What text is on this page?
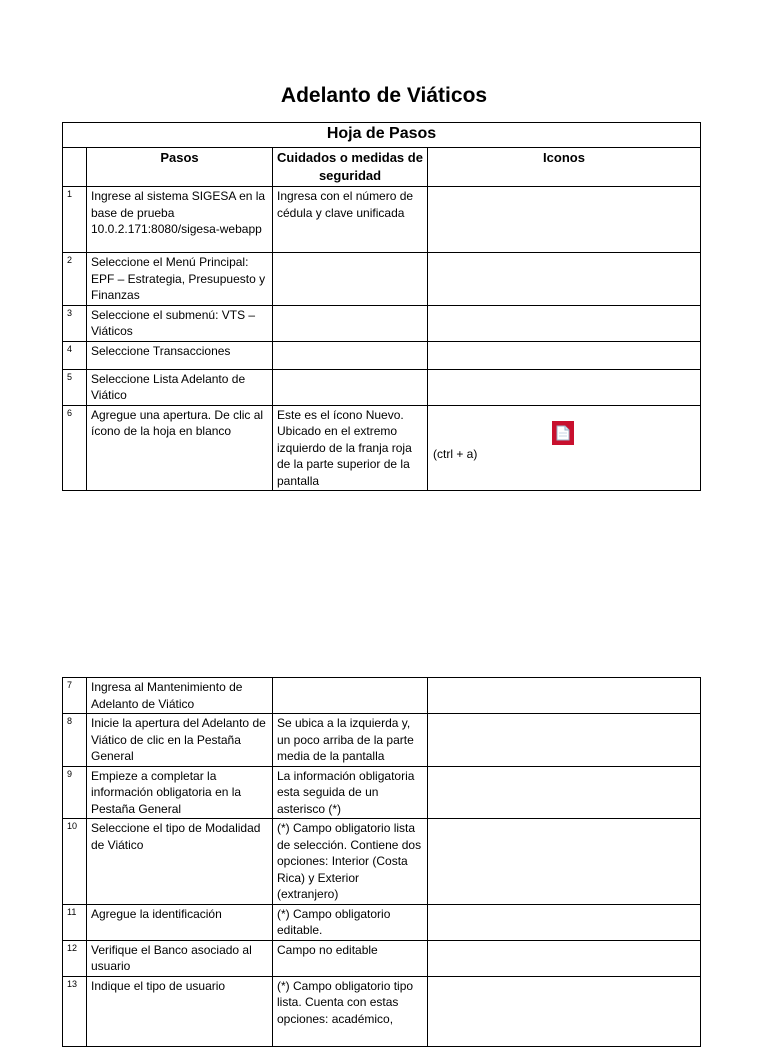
Adelanto de Viáticos
Hoja de Pasos			
	Pasos	Cuidados o medidas de seguridad	Iconos
1	Ingrese al sistema SIGESA en la base de prueba 10.0.2.171:8080/sigesa-webapp	Ingresa con el número de cédula y clave unificada	
2	Seleccione el Menú Principal: EPF – Estrategia, Presupuesto y Finanzas		
3	Seleccione el submenú: VTS – Viáticos		
4	Seleccione Transacciones		
5	Seleccione Lista Adelanto de Viático		
6	Agregue una apertura. De clic al ícono de la hoja en blanco	Este es el ícono Nuevo. Ubicado en el extremo izquierdo de la franja roja de la parte superior de la pantalla	(ctrl + a)
7	Ingresa al Mantenimiento de Adelanto de Viático		
8	Inicie la apertura del Adelanto de Viático de clic en la Pestaña General	Se ubica a la izquierda y, un poco arriba de la parte media de la pantalla	
9	Empieze a completar la información obligatoria en la Pestaña General	La información obligatoria esta seguida de un asterisco (*)	
10	Seleccione el tipo de Modalidad de Viático	(*) Campo obligatorio lista de selección. Contiene dos opciones: Interior (Costa Rica) y Exterior (extranjero)	
11	Agregue la identificación	(*) Campo obligatorio editable.	
12	Verifique el Banco asociado al usuario	Campo no editable	
13	Indique el tipo de usuario	(*) Campo obligatorio tipo lista. Cuenta con estas opciones: académico,	
